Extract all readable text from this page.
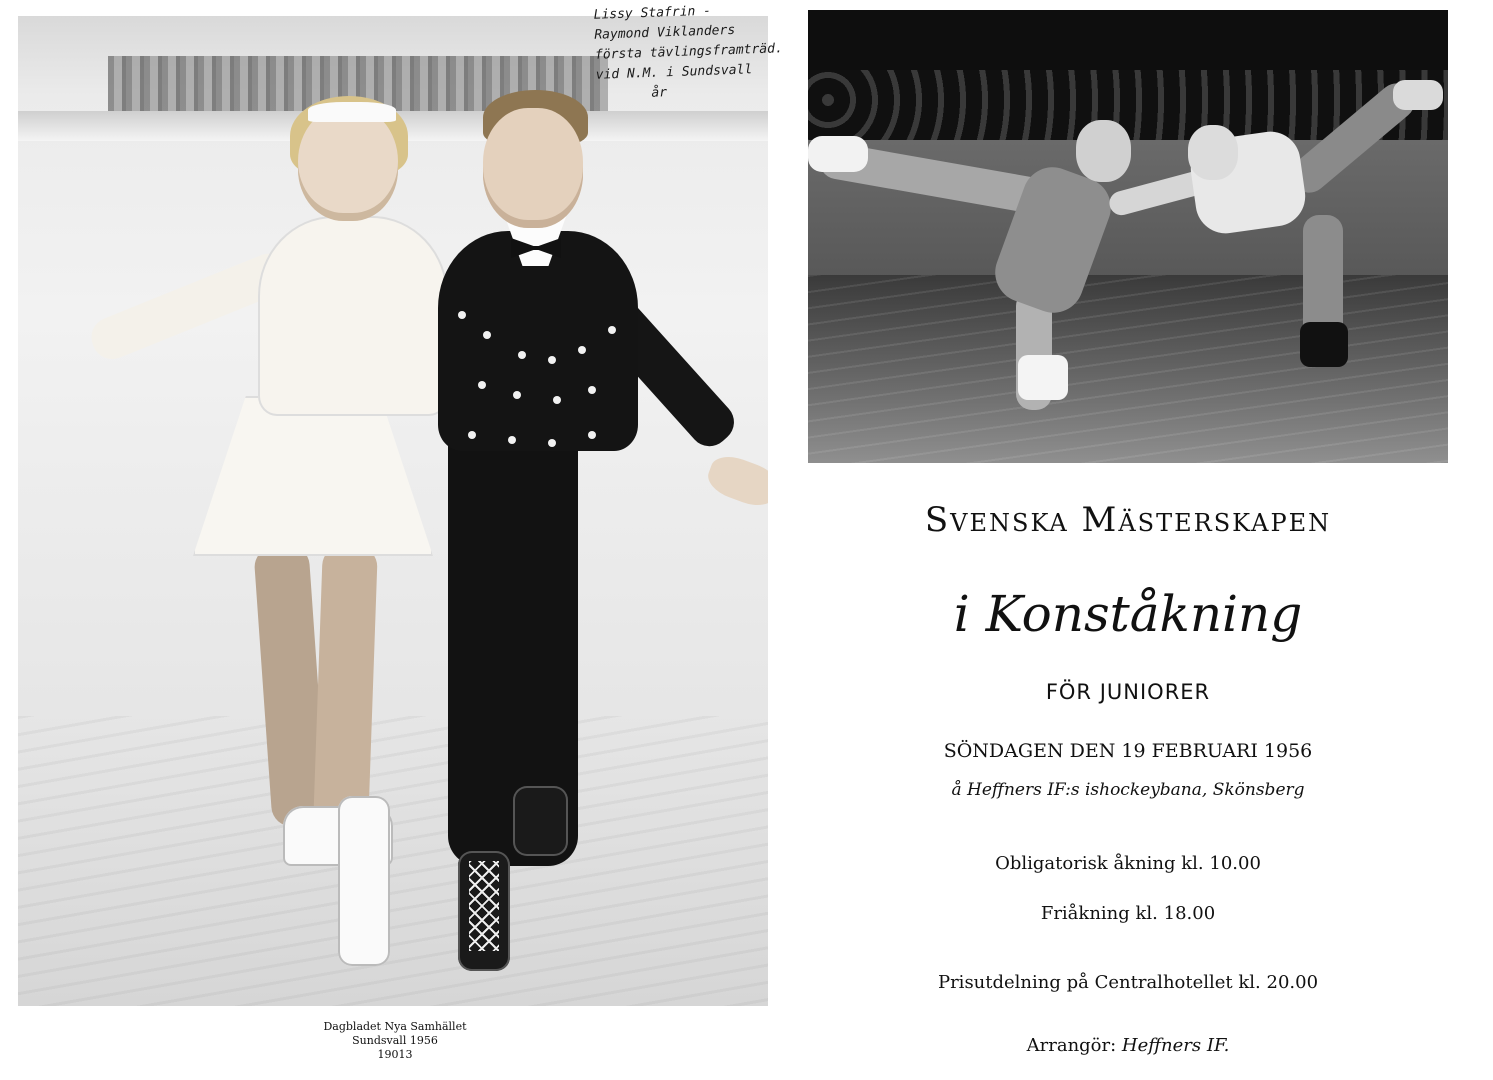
Lissy Stafrin -
Raymond Viklanders
första tävlingsframträd.
vid N.M. i Sundsvall
år
Dagbladet Nya Samhället
Sundsvall 1956
19013
Svenska Mästerskapen
i Konståkning
FÖR JUNIORER
SÖNDAGEN DEN 19 FEBRUARI 1956
å Heffners IF:s ishockeybana, Skönsberg
Obligatorisk åkning kl. 10.00
Friåkning kl. 18.00
Prisutdelning på Centralhotellet kl. 20.00
Arrangör: Heffners IF.
